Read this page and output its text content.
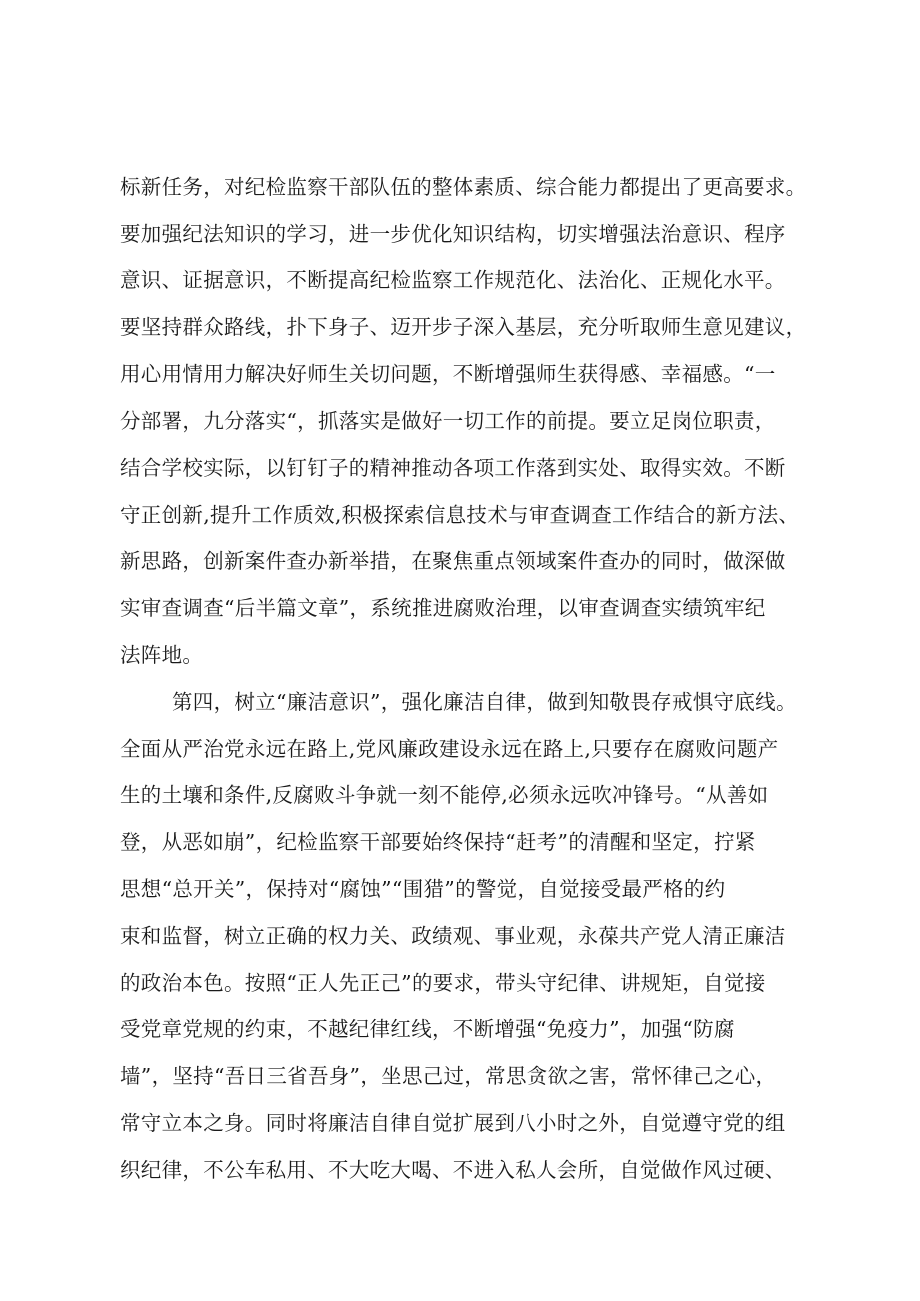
标新任务，对纪检监察干部队伍的整体素质、综合能力都提出了更高要求。
要加强纪法知识的学习，进一步优化知识结构，切实增强法治意识、程序
意识、证据意识，不断提高纪检监察工作规范化、法治化、正规化水平。
要坚持群众路线，扑下身子、迈开步子深入基层，充分听取师生意见建议，
用心用情用力解决好师生关切问题，不断增强师生获得感、幸福感。“一
分部署，九分落实“，抓落实是做好一切工作的前提。要立足岗位职责，
结合学校实际，以钉钉子的精神推动各项工作落到实处、取得实效。不断
守正创新,提升工作质效,积极探索信息技术与审查调查工作结合的新方法、
新思路，创新案件查办新举措，在聚焦重点领域案件查办的同时，做深做
实审查调查“后半篇文章”，系统推进腐败治理，以审查调查实绩筑牢纪
法阵地。
第四，树立“廉洁意识”，强化廉洁自律，做到知敬畏存戒惧守底线。
全面从严治党永远在路上,党风廉政建设永远在路上,只要存在腐败问题产
生的土壤和条件,反腐败斗争就一刻不能停,必须永远吹冲锋号。“从善如
登，从恶如崩”，纪检监察干部要始终保持“赶考”的清醒和坚定，拧紧
思想“总开关”，保持对“腐蚀”“围猎”的警觉，自觉接受最严格的约
束和监督，树立正确的权力关、政绩观、事业观，永葆共产党人清正廉洁
的政治本色。按照“正人先正己”的要求，带头守纪律、讲规矩，自觉接
受党章党规的约束，不越纪律红线，不断增强“免疫力”，加强“防腐
墙”，坚持“吾日三省吾身”，坐思己过，常思贪欲之害，常怀律己之心，
常守立本之身。同时将廉洁自律自觉扩展到八小时之外，自觉遵守党的组
织纪律，不公车私用、不大吃大喝、不进入私人会所，自觉做作风过硬、
